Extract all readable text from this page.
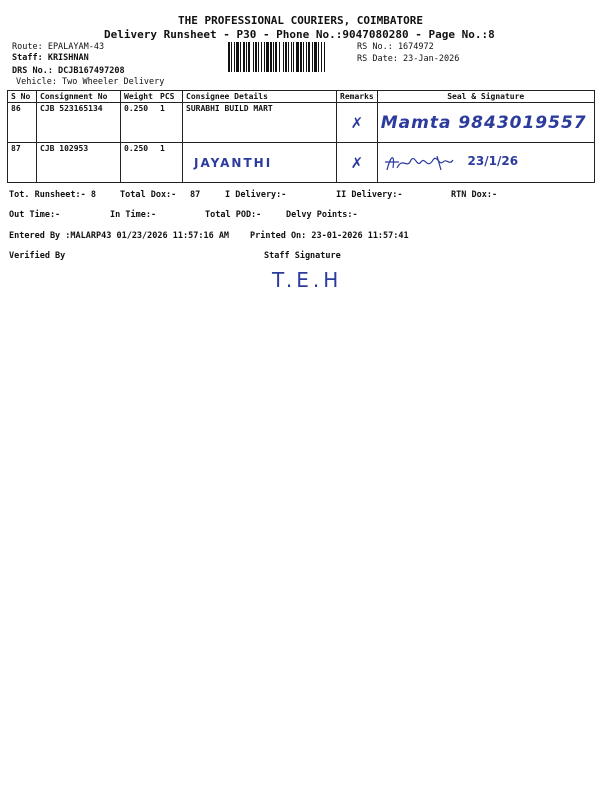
THE PROFESSIONAL COURIERS, COIMBATORE
Delivery Runsheet - P30 - Phone No.:9047080280 - Page No.:8
Route: EPALAYAM-43
Staff: KRISHNAN
DRS No.: DCJB167497208
Vehicle: Two Wheeler Delivery
RS No.: 1674972
RS Date: 23-Jan-2026
S No	Consignment No	Weight	PCS	Consignee Details	Remarks	Seal & Signature
86	CJB 523165134	0.250	1	SURABHI BUILD MART	✗	Mamta 9843019557
87	CJB 102953	0.250	1	JAYANTHI	✗	23/1/26
Tot. Runsheet:- 8	Total Dox:- 87	I Delivery:-	II Delivery:-	RTN Dox:-
Out Time:-	In Time:-	Total POD:-	Delvy Points:-
Entered By :MALARP43 01/23/2026 11:57:16 AM Printed On: 23-01-2026 11:57:41
Verified By	Staff Signature
T.E.H
